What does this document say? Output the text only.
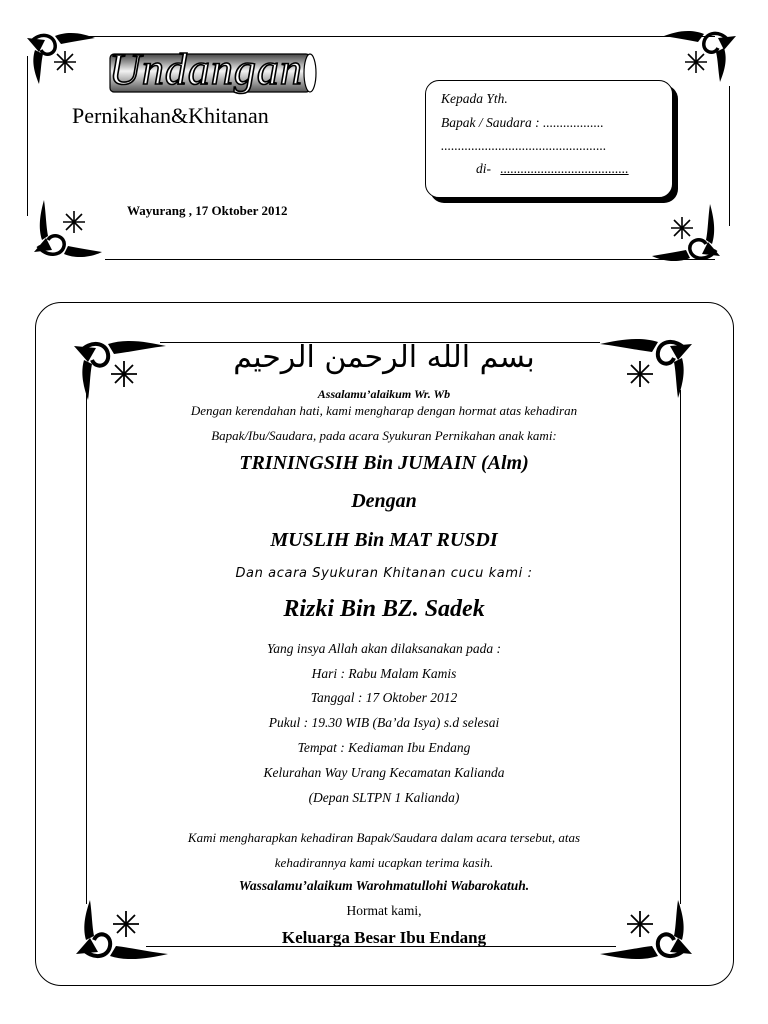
Undangan
Pernikahan&Khitanan
Wayurang , 17 Oktober 2012
Kepada Yth.
Bapak / Saudara : ..................
.................................................
di- ......................................
بسم الله الرحمن الرحيم
Assalamu’alaikum Wr. Wb
Dengan kerendahan hati, kami mengharap dengan hormat atas kehadiran
Bapak/Ibu/Saudara, pada acara Syukuran Pernikahan anak kami:
TRININGSIH Bin JUMAIN (Alm)
Dengan
MUSLIH Bin MAT RUSDI
Dan acara Syukuran Khitanan cucu kami :
Rizki Bin BZ. Sadek
Yang insya Allah akan dilaksanakan pada :
Hari : Rabu Malam Kamis
Tanggal : 17 Oktober 2012
Pukul : 19.30 WIB (Ba’da Isya) s.d selesai
Tempat : Kediaman Ibu Endang
Kelurahan Way Urang Kecamatan Kalianda
(Depan SLTPN 1 Kalianda)
Kami mengharapkan kehadiran Bapak/Saudara dalam acara tersebut, atas
kehadirannya kami ucapkan terima kasih.
Wassalamu’alaikum Warohmatullohi Wabarokatuh.
Hormat kami,
Keluarga Besar Ibu Endang
